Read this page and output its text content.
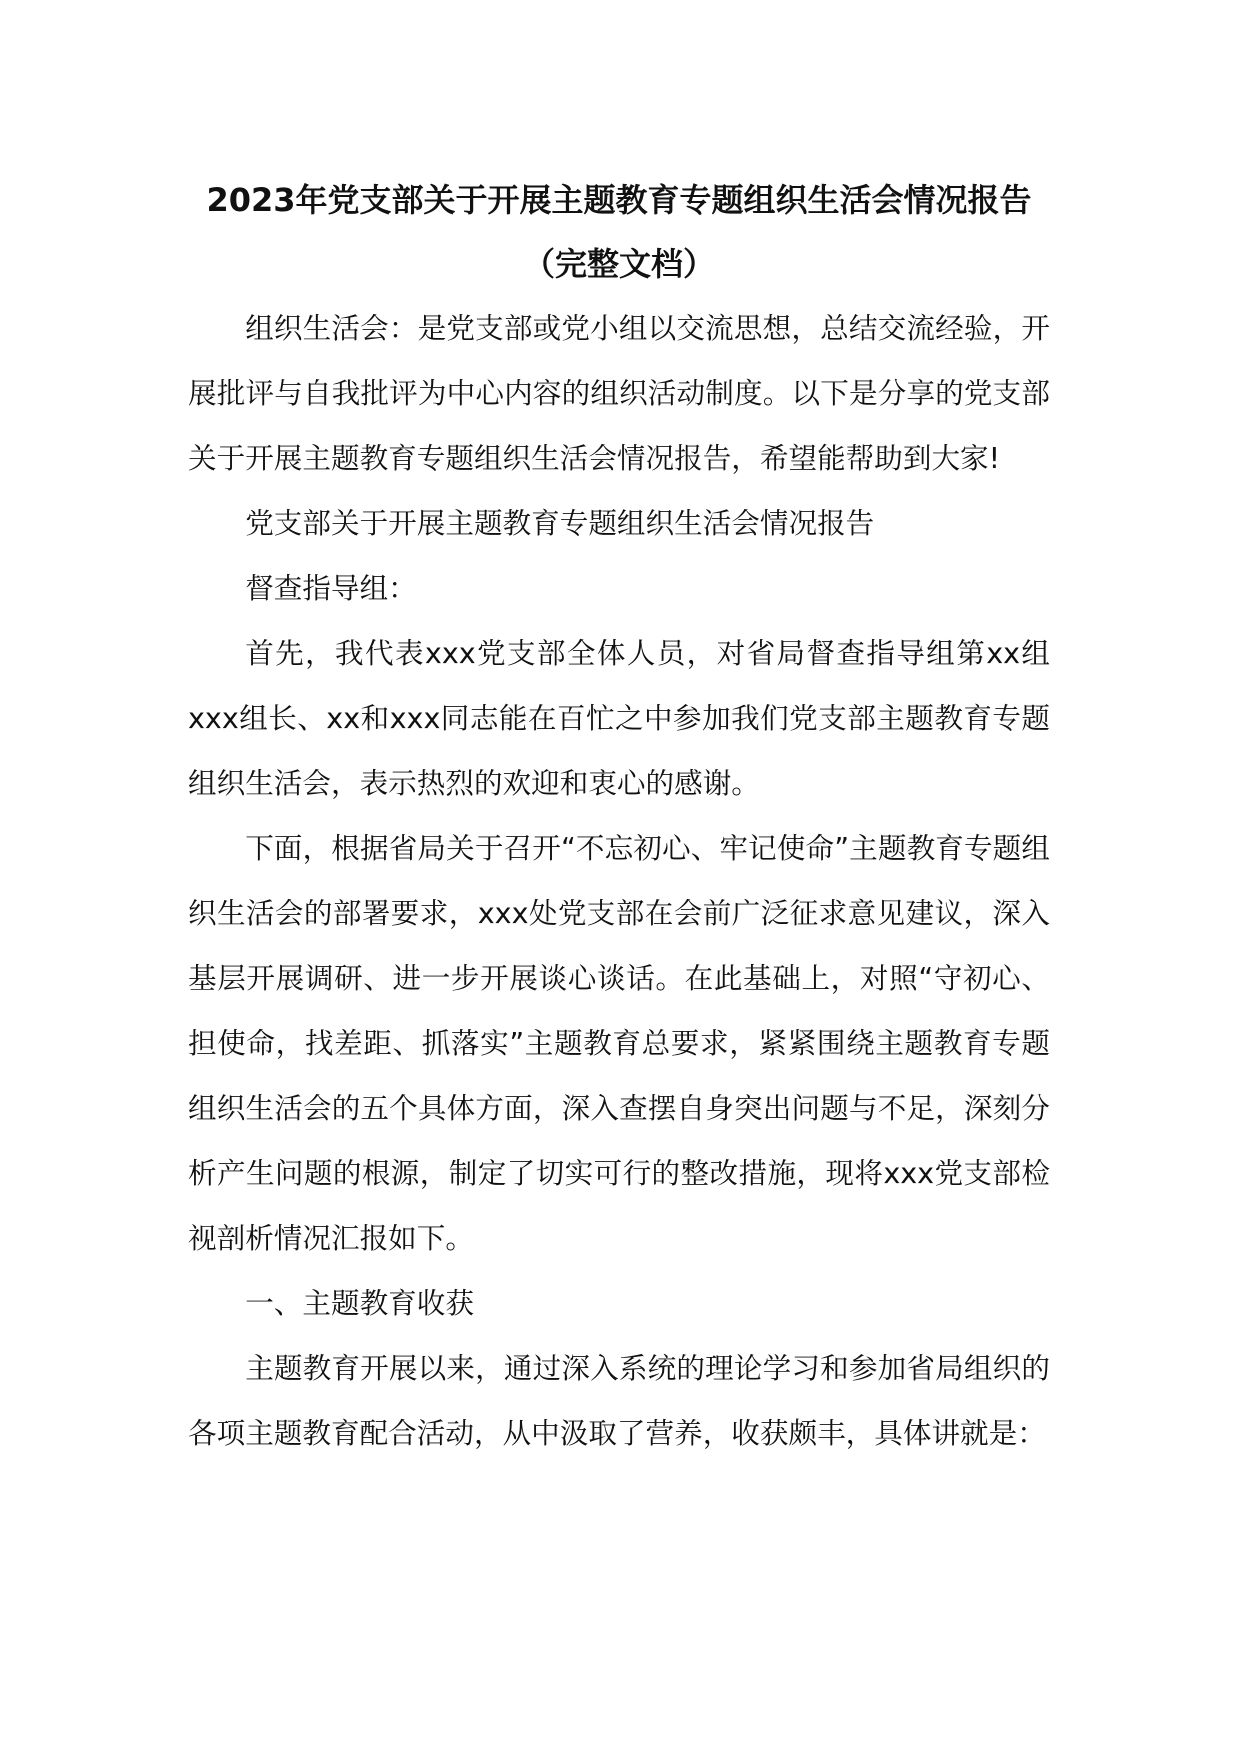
2023年党支部关于开展主题教育专题组织生活会情况报告

（完整文档）

组织生活会：是党支部或党小组以交流思想，总结交流经验，开展批评与自我批评为中心内容的组织活动制度。以下是分享的党支部关于开展主题教育专题组织生活会情况报告，希望能帮助到大家!

党支部关于开展主题教育专题组织生活会情况报告

督查指导组：

首先，我代表xxx党支部全体人员，对省局督查指导组第xx组xxx组长、xx和xxx同志能在百忙之中参加我们党支部主题教育专题组织生活会，表示热烈的欢迎和衷心的感谢。

下面，根据省局关于召开“不忘初心、牢记使命”主题教育专题组织生活会的部署要求，xxx处党支部在会前广泛征求意见建议，深入基层开展调研、进一步开展谈心谈话。在此基础上，对照“守初心、担使命，找差距、抓落实”主题教育总要求，紧紧围绕主题教育专题组织生活会的五个具体方面，深入查摆自身突出问题与不足，深刻分析产生问题的根源，制定了切实可行的整改措施，现将xxx党支部检视剖析情况汇报如下。

一、主题教育收获

主题教育开展以来，通过深入系统的理论学习和参加省局组织的各项主题教育配合活动，从中汲取了营养，收获颇丰，具体讲就是：
